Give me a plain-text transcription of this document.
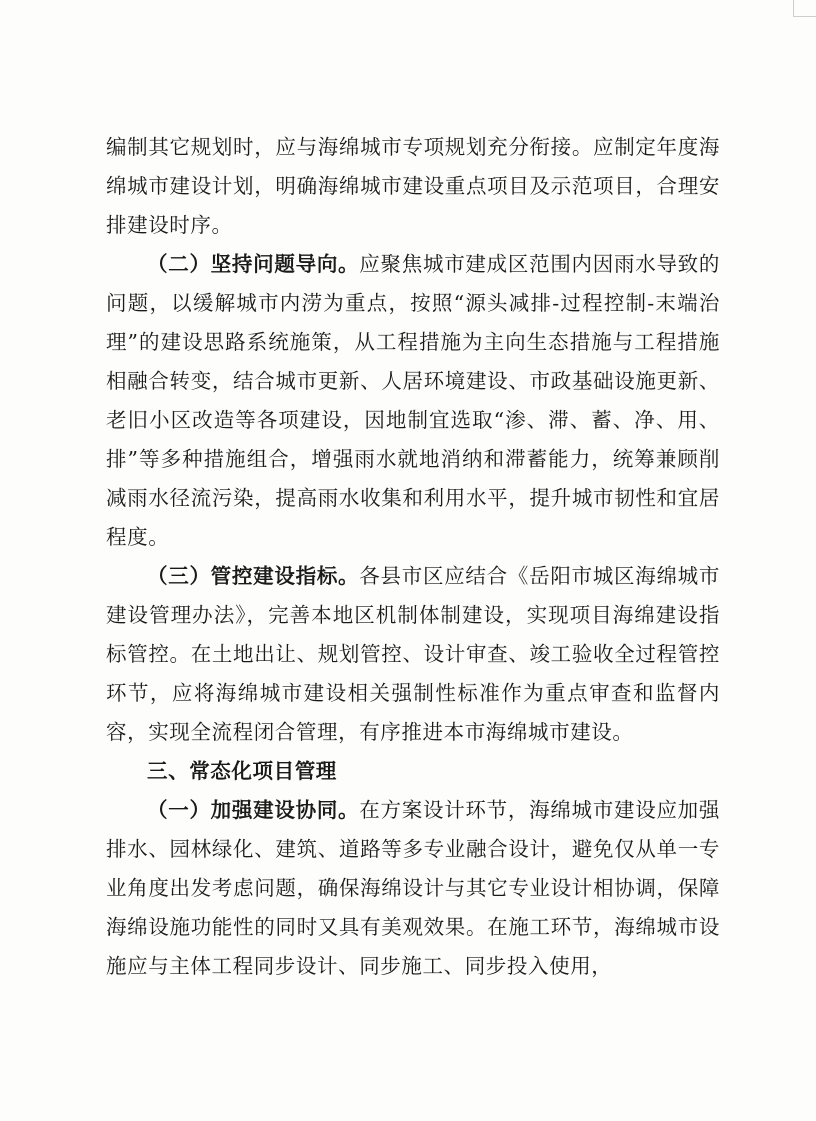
编制其它规划时，应与海绵城市专项规划充分衔接。应制定年度海绵城市建设计划，明确海绵城市建设重点项目及示范项目，合理安排建设时序。

（二）坚持问题导向。应聚焦城市建成区范围内因雨水导致的问题，以缓解城市内涝为重点，按照“源头减排-过程控制-末端治理”的建设思路系统施策，从工程措施为主向生态措施与工程措施相融合转变，结合城市更新、人居环境建设、市政基础设施更新、老旧小区改造等各项建设，因地制宜选取“渗、滞、蓄、净、用、排”等多种措施组合，增强雨水就地消纳和滞蓄能力，统筹兼顾削减雨水径流污染，提高雨水收集和利用水平，提升城市韧性和宜居程度。

（三）管控建设指标。各县市区应结合《岳阳市城区海绵城市建设管理办法》，完善本地区机制体制建设，实现项目海绵建设指标管控。在土地出让、规划管控、设计审查、竣工验收全过程管控环节，应将海绵城市建设相关强制性标准作为重点审查和监督内容，实现全流程闭合管理，有序推进本市海绵城市建设。

三、常态化项目管理

（一）加强建设协同。在方案设计环节，海绵城市建设应加强排水、园林绿化、建筑、道路等多专业融合设计，避免仅从单一专业角度出发考虑问题，确保海绵设计与其它专业设计相协调，保障海绵设施功能性的同时又具有美观效果。在施工环节，海绵城市设施应与主体工程同步设计、同步施工、同步投入使用，
